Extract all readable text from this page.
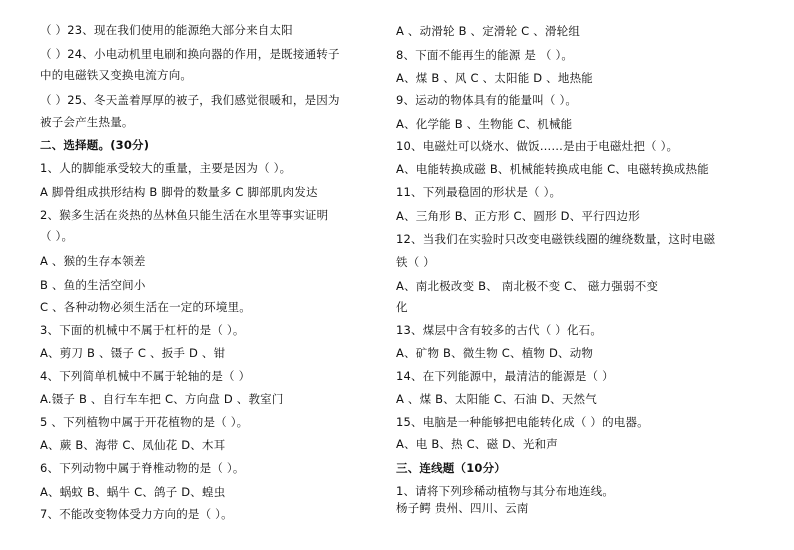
（ ）23、现在我们使用的能源绝大部分来自太阳
（ ）24、小电动机里电刷和换向器的作用，是既接通转子
中的电磁铁又变换电流方向。
（ ）25、冬天盖着厚厚的被子，我们感觉很暖和，是因为
被子会产生热量。
二、选择题。(30分)
1、人的脚能承受较大的重量，主要是因为（ ）。
A 脚骨组成拱形结构 B 脚骨的数量多 C 脚部肌肉发达
2、猴多生活在炎热的丛林鱼只能生活在水里等事实证明
（ ）。
A 、猴的生存本领差
B 、鱼的生活空间小
C 、各种动物必须生活在一定的环境里。
3、下面的机械中不属于杠杆的是（ ）。
A、剪刀 B 、镊子 C 、扳手 D 、钳
4、下列简单机械中不属于轮轴的是（ ）
A.镊子 B 、自行车车把 C、方向盘 D 、教室门
5 、下列植物中属于开花植物的是（ ）。
A、蕨 B、海带 C、凤仙花 D、木耳
6、下列动物中属于脊椎动物的是（ ）。
A、蜗蚊 B、蜗牛 C、鸽子 D、蝗虫
7、不能改变物体受力方向的是（ ）。
A 、动滑轮 B 、定滑轮 C 、滑轮组
8、下面不能再生的能源 是 （ ）。
A、煤 B 、风 C 、太阳能 D 、地热能
9、运动的物体具有的能量叫（ ）。
A、化学能 B 、生物能 C、机械能
10、电磁灶可以烧水、做饭……是由于电磁灶把（ ）。
A、电能转换成磁 B、机械能转换成电能 C、电磁转换成热能
11、下列最稳固的形状是（ ）。
A、三角形 B、正方形 C、圆形 D、平行四边形
12、当我们在实验时只改变电磁铁线圈的缠绕数量，这时电磁
铁（ ）
A、南北极改变 B、 南北极不变 C、 磁力强弱不变
化
13、煤层中含有较多的古代（ ）化石。
A、矿物 B、微生物 C、植物 D、动物
14、在下列能源中，最清洁的能源是（ ）
A 、煤 B、太阳能 C、石油 D、天然气
15、电脑是一种能够把电能转化成（ ）的电器。
A、电 B、热 C、磁 D、光和声
三、连线题（10分）
1、请将下列珍稀动植物与其分布地连线。
杨子鳄 贵州、四川、云南
